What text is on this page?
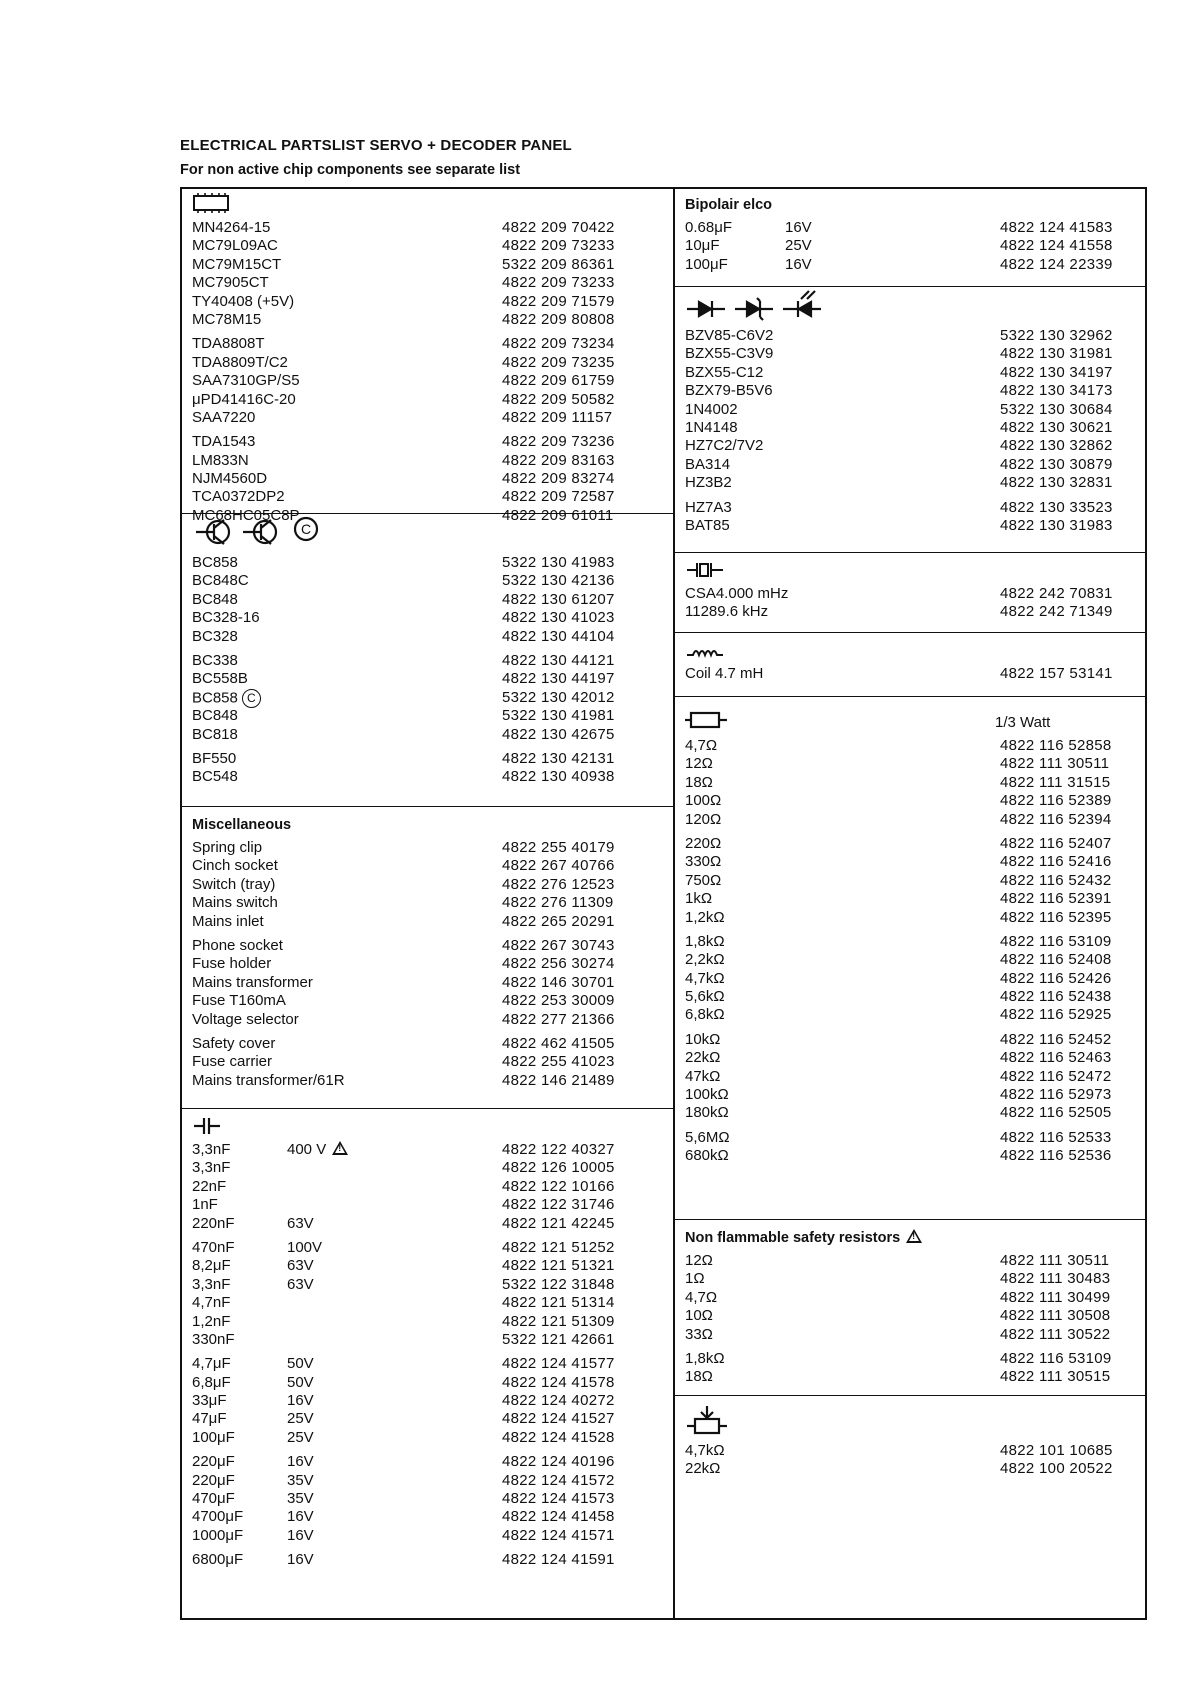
ELECTRICAL PARTSLIST SERVO + DECODER PANEL
For non active chip components see separate list
MN4264-15	4822 209 70422
MC79L09AC	4822 209 73233
MC79M15CT	5322 209 86361
MC7905CT	4822 209 73233
TY40408 (+5V)	4822 209 71579
MC78M15	4822 209 80808
TDA8808T	4822 209 73234
TDA8809T/C2	4822 209 73235
SAA7310GP/S5	4822 209 61759
μPD41416C-20	4822 209 50582
SAA7220	4822 209 11157
TDA1543	4822 209 73236
LM833N	4822 209 83163
NJM4560D	4822 209 83274
TCA0372DP2	4822 209 72587
MC68HC05C8P	4822 209 61011
C
BC858	5322 130 41983
BC848C	5322 130 42136
BC848	4822 130 61207
BC328-16	4822 130 41023
BC328	4822 130 44104
BC338	4822 130 44121
BC558B	4822 130 44197
BC858 C	5322 130 42012
BC848	5322 130 41981
BC818	4822 130 42675
BF550	4822 130 42131
BC548	4822 130 40938
Miscellaneous
Spring clip	4822 255 40179
Cinch socket	4822 267 40766
Switch (tray)	4822 276 12523
Mains switch	4822 276 11309
Mains inlet	4822 265 20291
Phone socket	4822 267 30743
Fuse holder	4822 256 30274
Mains transformer	4822 146 30701
Fuse T160mA	4822 253 30009
Voltage selector	4822 277 21366
Safety cover	4822 462 41505
Fuse carrier	4822 255 41023
Mains transformer/61R	4822 146 21489
3,3nF	400 V!	4822 122 40327
3,3nF	4822 126 10005
22nF	4822 122 10166
1nF	4822 122 31746
220nF	63V	4822 121 42245
470nF	100V	4822 121 51252
8,2μF	63V	4822 121 51321
3,3nF	63V	5322 122 31848
4,7nF	4822 121 51314
1,2nF	4822 121 51309
330nF	5322 121 42661
4,7μF	50V	4822 124 41577
6,8μF	50V	4822 124 41578
33μF	16V	4822 124 40272
47μF	25V	4822 124 41527
100μF	25V	4822 124 41528
220μF	16V	4822 124 40196
220μF	35V	4822 124 41572
470μF	35V	4822 124 41573
4700μF	16V	4822 124 41458
1000μF	16V	4822 124 41571
6800μF	16V	4822 124 41591
Bipolair elco
0.68μF	16V	4822 124 41583
10μF	25V	4822 124 41558
100μF	16V	4822 124 22339
BZV85-C6V2	5322 130 32962
BZX55-C3V9	4822 130 31981
BZX55-C12	4822 130 34197
BZX79-B5V6	4822 130 34173
1N4002	5322 130 30684
1N4148	4822 130 30621
HZ7C2/7V2	4822 130 32862
BA314	4822 130 30879
HZ3B2	4822 130 32831
HZ7A3	4822 130 33523
BAT85	4822 130 31983
CSA4.000 mHz	4822 242 70831
11289.6 kHz	4822 242 71349
Coil 4.7 mH	4822 157 53141
1/3 Watt
4,7Ω	4822 116 52858
12Ω	4822 111 30511
18Ω	4822 111 31515
100Ω	4822 116 52389
120Ω	4822 116 52394
220Ω	4822 116 52407
330Ω	4822 116 52416
750Ω	4822 116 52432
1kΩ	4822 116 52391
1,2kΩ	4822 116 52395
1,8kΩ	4822 116 53109
2,2kΩ	4822 116 52408
4,7kΩ	4822 116 52426
5,6kΩ	4822 116 52438
6,8kΩ	4822 116 52925
10kΩ	4822 116 52452
22kΩ	4822 116 52463
47kΩ	4822 116 52472
100kΩ	4822 116 52973
180kΩ	4822 116 52505
5,6MΩ	4822 116 52533
680kΩ	4822 116 52536
Non flammable safety resistors
!
12Ω	4822 111 30511
1Ω	4822 111 30483
4,7Ω	4822 111 30499
10Ω	4822 111 30508
33Ω	4822 111 30522
1,8kΩ	4822 116 53109
18Ω	4822 111 30515
4,7kΩ	4822 101 10685
22kΩ	4822 100 20522
